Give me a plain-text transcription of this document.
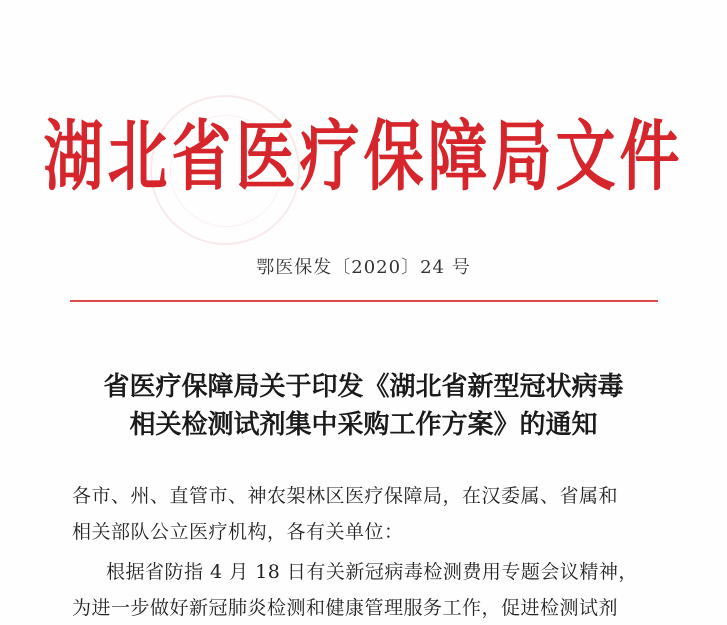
湖北省医疗保障局文件
鄂医保发〔2020〕24 号
省医疗保障局关于印发《湖北省新型冠状病毒
相关检测试剂集中采购工作方案》的通知
各市、州、直管市、神农架林区医疗保障局，在汉委属、省属和
相关部队公立医疗机构，各有关单位：
根据省防指 4 月 18 日有关新冠病毒检测费用专题会议精神，
为进一步做好新冠肺炎检测和健康管理服务工作，促进检测试剂
